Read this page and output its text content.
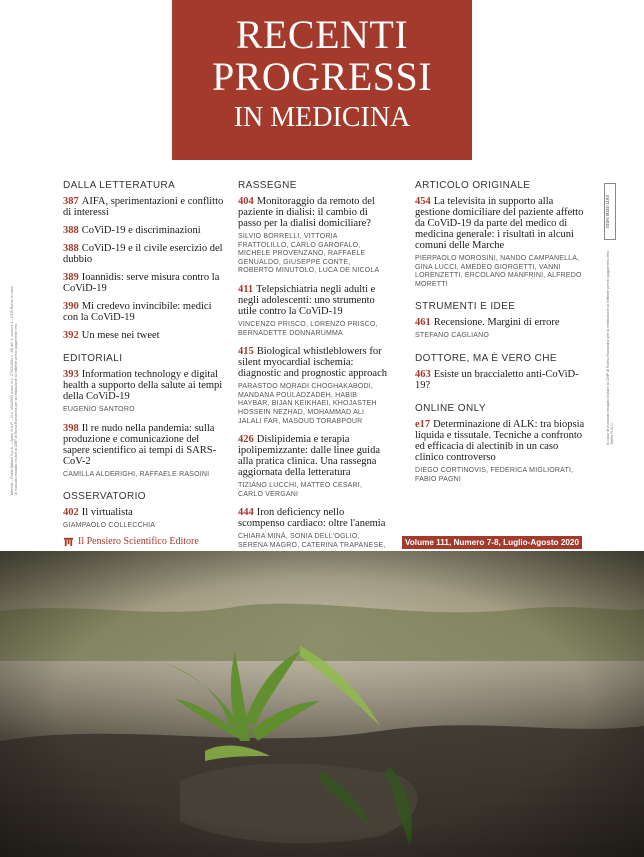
RECENTI
PROGRESSI
IN MEDICINA
Mensile – Poste Italiane S.p.A. – Sped. in A.P. – D.L. 353/2003 (conv. in L. 27/02/2004 n. 46) art. 1, comma 1 – DCB Roma. In caso di mancato recapito inviare al CMP di Roma Romanina per la restituzione al mittente previo pagamento resi.
ISSN 0034-1193
In caso di mancato recapito inviare al CMP di Roma Romanina per la restituzione al mittente previo pagamento resi. Tariffa R.O.C.
DALLA LETTERATURA
387 AIFA, sperimentazioni e conflitto di interessi
388 CoViD-19 e discriminazioni
388 CoViD-19 e il civile esercizio del dubbio
389 Ioannidis: serve misura contro la CoViD-19
390 Mi credevo invincibile: medici con la CoViD-19
392 Un mese nei tweet
EDITORIALI
393 Information technology e digital health a supporto della salute ai tempi della CoViD-19
EUGENIO SANTORO
398 Il re nudo nella pandemia: sulla produzione e comunicazione del sapere scientifico ai tempi di SARS-CoV-2
CAMILLA ALDERIGHI, RAFFAELE RASOINI
OSSERVATORIO
402 Il virtualista
GIAMPAOLO COLLECCHIA
RASSEGNE
404 Monitoraggio da remoto del paziente in dialisi: il cambio di passo per la dialisi domiciliare?
SILVIO BORRELLI, VITTORIA FRATTOLILLO, CARLO GAROFALO, MICHELE PROVENZANO, RAFFAELE GENUALDO, GIUSEPPE CONTE, ROBERTO MINUTOLO, LUCA DE NICOLA
411 Telepsichiatria negli adulti e negli adolescenti: uno strumento utile contro la CoViD-19
VINCENZO PRISCO, LORENZO PRISCO, BERNADETTE DONNARUMMA
415 Biological whistleblowers for silent myocardial ischemia: diagnostic and prognostic approach
PARASTOO MORADI CHOGHAKABODI, MANDANA POULADZADEH, HABIB HAYBAR, BIJAN KEIKHAEI, KHOJASTEH HOSSEIN NEZHAD, MOHAMMAD ALI JALALI FAR, MASOUD TORABPOUR
426 Dislipidemia e terapia ipolipemizzante: dalle linee guida alla pratica clinica. Una rassegna aggiornata della letteratura
TIZIANO LUCCHI, MATTEO CESARI, CARLO VERGANI
444 Iron deficiency nello scompenso cardiaco: oltre l'anemia
CHIARA MINÀ, SONIA DELL'OGLIO, SERENA MAGRO, CATERINA TRAPANESE,
ARTICOLO ORIGINALE
454 La televisita in supporto alla gestione domiciliare del paziente affetto da CoViD-19 da parte del medico di medicina generale: i risultati in alcuni comuni delle Marche
PIERPAOLO MOROSINI, NANDO CAMPANELLA, GINA LUCCI, AMEDEO GIORGETTI, VANNI LORENZETTI, ERCOLANO MANFRINI, ALFREDO MORETTI
STRUMENTI E IDEE
461 Recensione. Margini di errore
STEFANO CAGLIANO
DOTTORE, MA È VERO CHE
463 Esiste un braccialetto anti-CoViD-19?
ONLINE ONLY
e17 Determinazione di ALK: tra biopsia liquida e tissutale. Tecniche a confronto ed efficacia di alectinib in un caso clinico controverso
DIEGO CORTINOVIS, FEDERICA MIGLIORATI, FABIO PAGNI
Il Pensiero Scientifico Editore	Volume 111, Numero 7-8, Luglio-Agosto 2020
